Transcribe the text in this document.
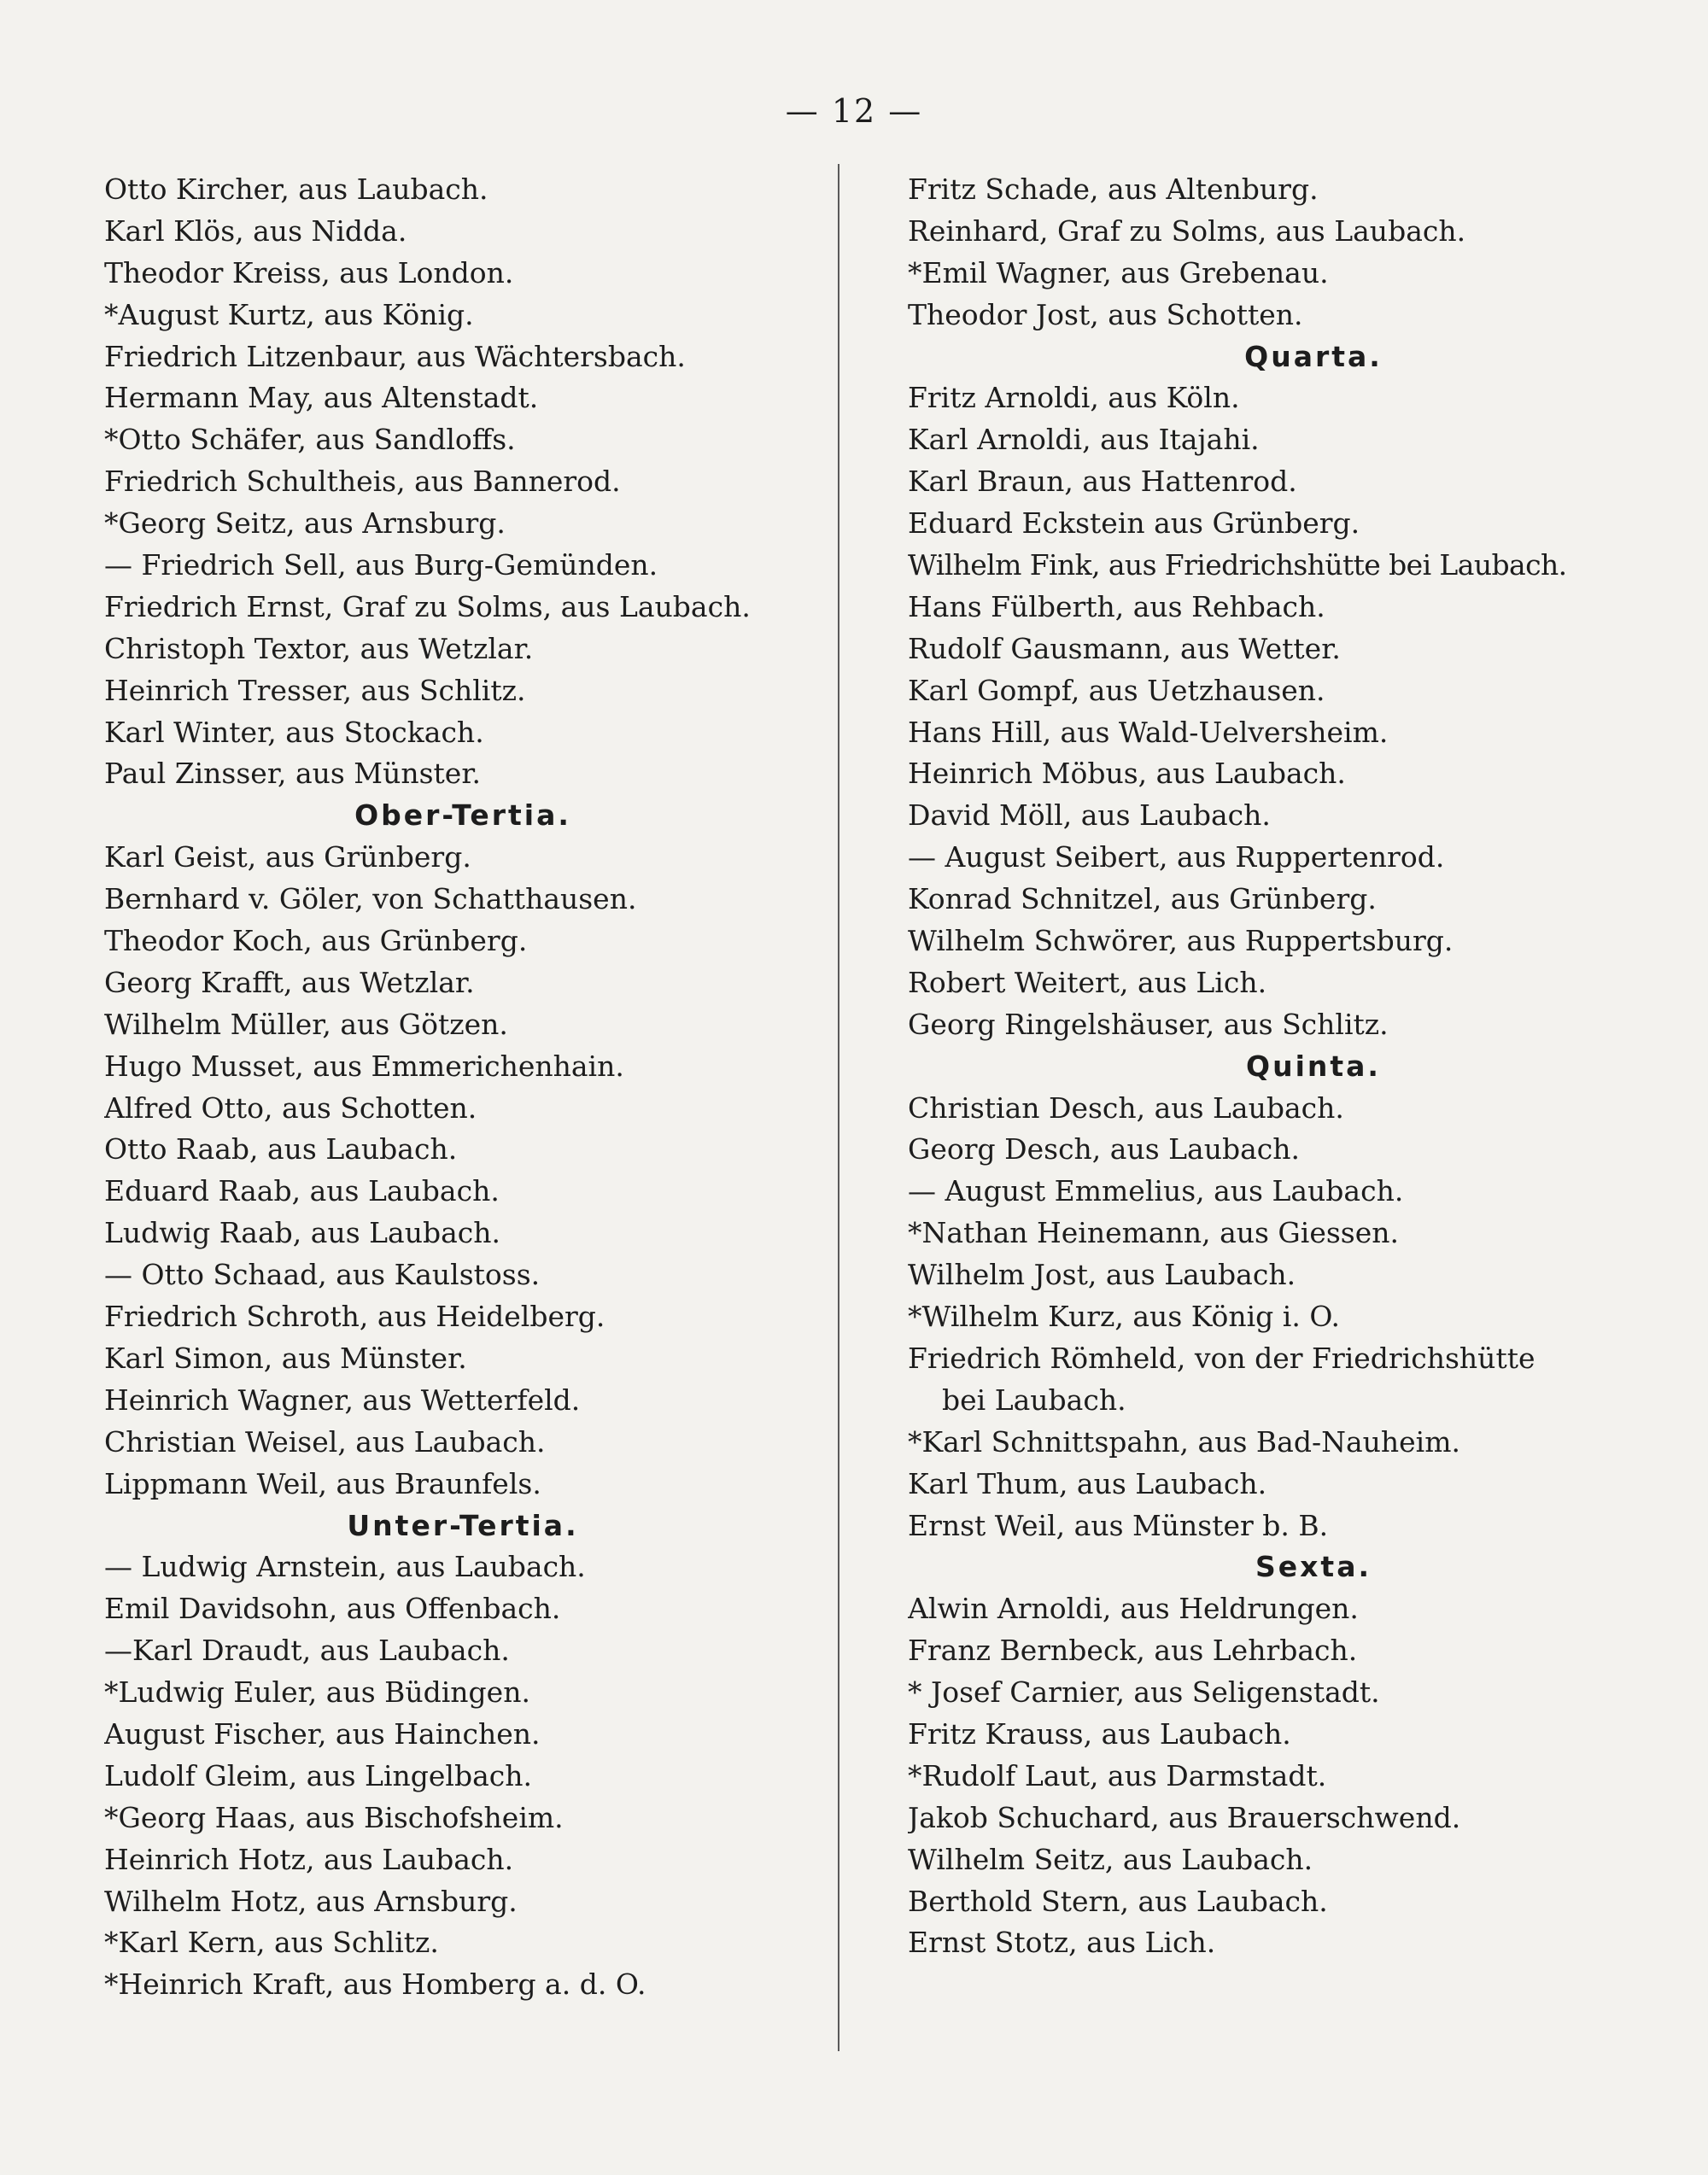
— 12 —
Otto Kircher, aus Laubach.
Karl Klös, aus Nidda.
Theodor Kreiss, aus London.
*August Kurtz, aus König.
Friedrich Litzenbaur, aus Wächtersbach.
Hermann May, aus Altenstadt.
*Otto Schäfer, aus Sandloffs.
Friedrich Schultheis, aus Bannerod.
*Georg Seitz, aus Arnsburg.
— Friedrich Sell, aus Burg-Gemünden.
Friedrich Ernst, Graf zu Solms, aus Laubach.
Christoph Textor, aus Wetzlar.
Heinrich Tresser, aus Schlitz.
Karl Winter, aus Stockach.
Paul Zinsser, aus Münster.
Ober-Tertia.
Karl Geist, aus Grünberg.
Bernhard v. Göler, von Schatthausen.
Theodor Koch, aus Grünberg.
Georg Krafft, aus Wetzlar.
Wilhelm Müller, aus Götzen.
Hugo Musset, aus Emmerichenhain.
Alfred Otto, aus Schotten.
Otto Raab, aus Laubach.
Eduard Raab, aus Laubach.
Ludwig Raab, aus Laubach.
— Otto Schaad, aus Kaulstoss.
Friedrich Schroth, aus Heidelberg.
Karl Simon, aus Münster.
Heinrich Wagner, aus Wetterfeld.
Christian Weisel, aus Laubach.
Lippmann Weil, aus Braunfels.
Unter-Tertia.
— Ludwig Arnstein, aus Laubach.
Emil Davidsohn, aus Offenbach.
—Karl Draudt, aus Laubach.
*Ludwig Euler, aus Büdingen.
August Fischer, aus Hainchen.
Ludolf Gleim, aus Lingelbach.
*Georg Haas, aus Bischofsheim.
Heinrich Hotz, aus Laubach.
Wilhelm Hotz, aus Arnsburg.
*Karl Kern, aus Schlitz.
*Heinrich Kraft, aus Homberg a. d. O.
Fritz Schade, aus Altenburg.
Reinhard, Graf zu Solms, aus Laubach.
*Emil Wagner, aus Grebenau.
Theodor Jost, aus Schotten.
Quarta.
Fritz Arnoldi, aus Köln.
Karl Arnoldi, aus Itajahi.
Karl Braun, aus Hattenrod.
Eduard Eckstein aus Grünberg.
Wilhelm Fink, aus Friedrichshütte bei Laubach.
Hans Fülberth, aus Rehbach.
Rudolf Gausmann, aus Wetter.
Karl Gompf, aus Uetzhausen.
Hans Hill, aus Wald-Uelversheim.
Heinrich Möbus, aus Laubach.
David Möll, aus Laubach.
— August Seibert, aus Ruppertenrod.
Konrad Schnitzel, aus Grünberg.
Wilhelm Schwörer, aus Ruppertsburg.
Robert Weitert, aus Lich.
Georg Ringelshäuser, aus Schlitz.
Quinta.
Christian Desch, aus Laubach.
Georg Desch, aus Laubach.
— August Emmelius, aus Laubach.
*Nathan Heinemann, aus Giessen.
Wilhelm Jost, aus Laubach.
*Wilhelm Kurz, aus König i. O.
Friedrich Römheld, von der Friedrichshütte
bei Laubach.
*Karl Schnittspahn, aus Bad-Nauheim.
Karl Thum, aus Laubach.
Ernst Weil, aus Münster b. B.
Sexta.
Alwin Arnoldi, aus Heldrungen.
Franz Bernbeck, aus Lehrbach.
* Josef Carnier, aus Seligenstadt.
Fritz Krauss, aus Laubach.
*Rudolf Laut, aus Darmstadt.
Jakob Schuchard, aus Brauerschwend.
Wilhelm Seitz, aus Laubach.
Berthold Stern, aus Laubach.
Ernst Stotz, aus Lich.
